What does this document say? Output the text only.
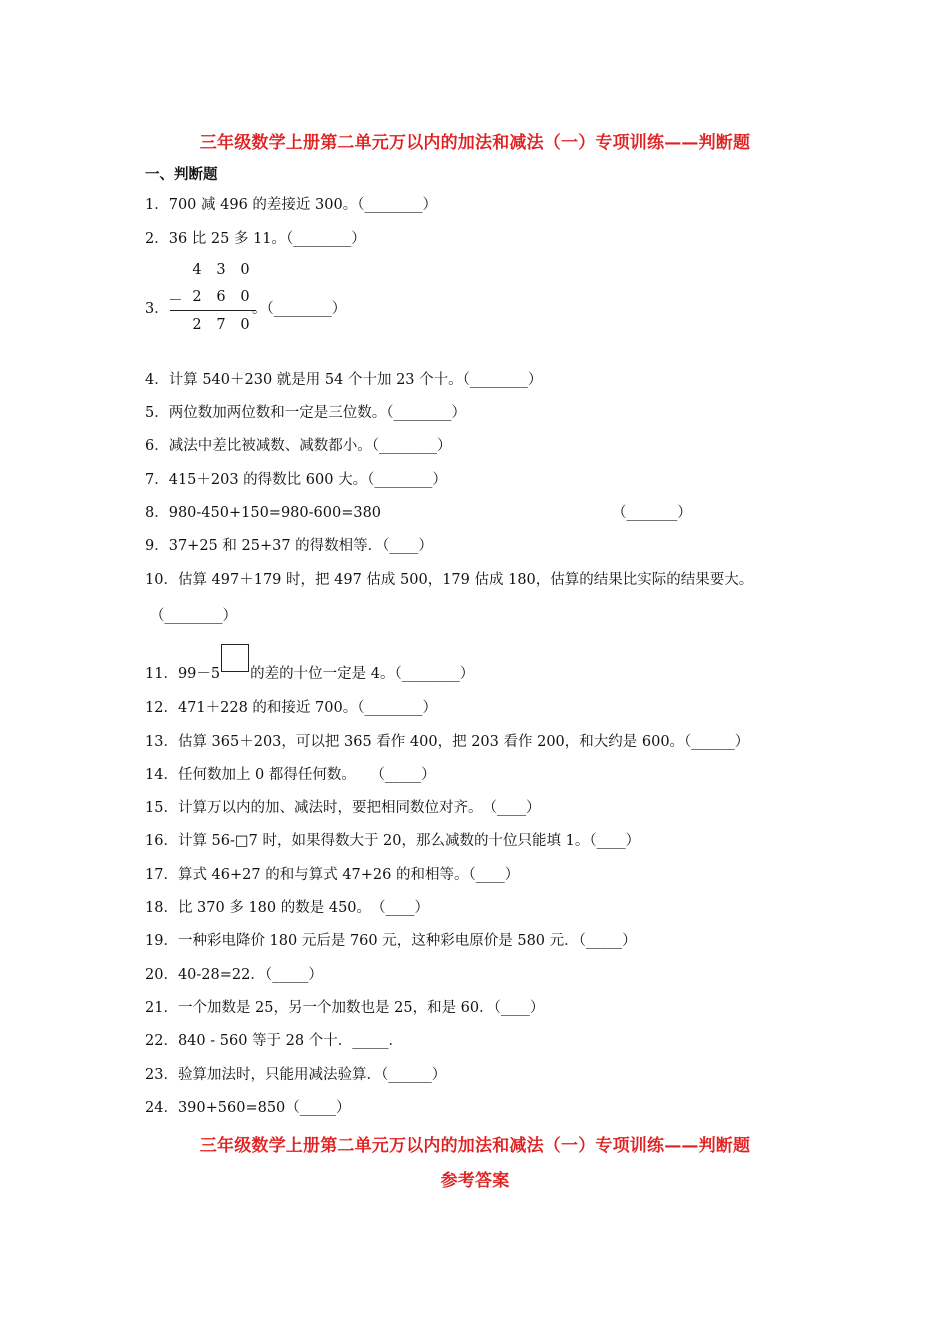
三年级数学上册第二单元万以内的加法和减法（一）专项训练——判断题
一、判断题
1．700 减 496 的差接近 300。（________）
2．36 比 25 多 11。（________）
3．
4 3 0
－ 2 6 0
2 7 0
。（________）
4．计算 540＋230 就是用 54 个十加 23 个十。（________）
5．两位数加两位数和一定是三位数。（________）
6．减法中差比被减数、减数都小。（________）
7．415＋203 的得数比 600 大。（________）
8．980-450+150=980-600=380	（_______）
9．37+25 和 25+37 的得数相等．（____）
10．估算 497＋179 时，把 497 估成 500，179 估成 180，估算的结果比实际的结果要大。
（________）
11．99－5 的差的十位一定是 4。（________）
12．471＋228 的和接近 700。（________）
13．估算 365＋203，可以把 365 看作 400，把 203 看作 200，和大约是 600。（______）
14．任何数加上 0 都得任何数。　　（_____）
15．计算万以内的加、减法时，要把相同数位对齐。　（____）
16．计算 56-□7 时，如果得数大于 20，那么减数的十位只能填 1。（____）
17．算式 46+27 的和与算式 47+26 的和相等。（____）
18．比 370 多 180 的数是 450。　（____）
19．一种彩电降价 180 元后是 760 元，这种彩电原价是 580 元．（_____）
20．40-28=22．（_____）
21．一个加数是 25，另一个加数也是 25，和是 60．（____）
22．840 - 560 等于 28 个十．_____．
23．验算加法时，只能用减法验算．（______）
24．390+560=850（_____）
三年级数学上册第二单元万以内的加法和减法（一）专项训练——判断题
参考答案
